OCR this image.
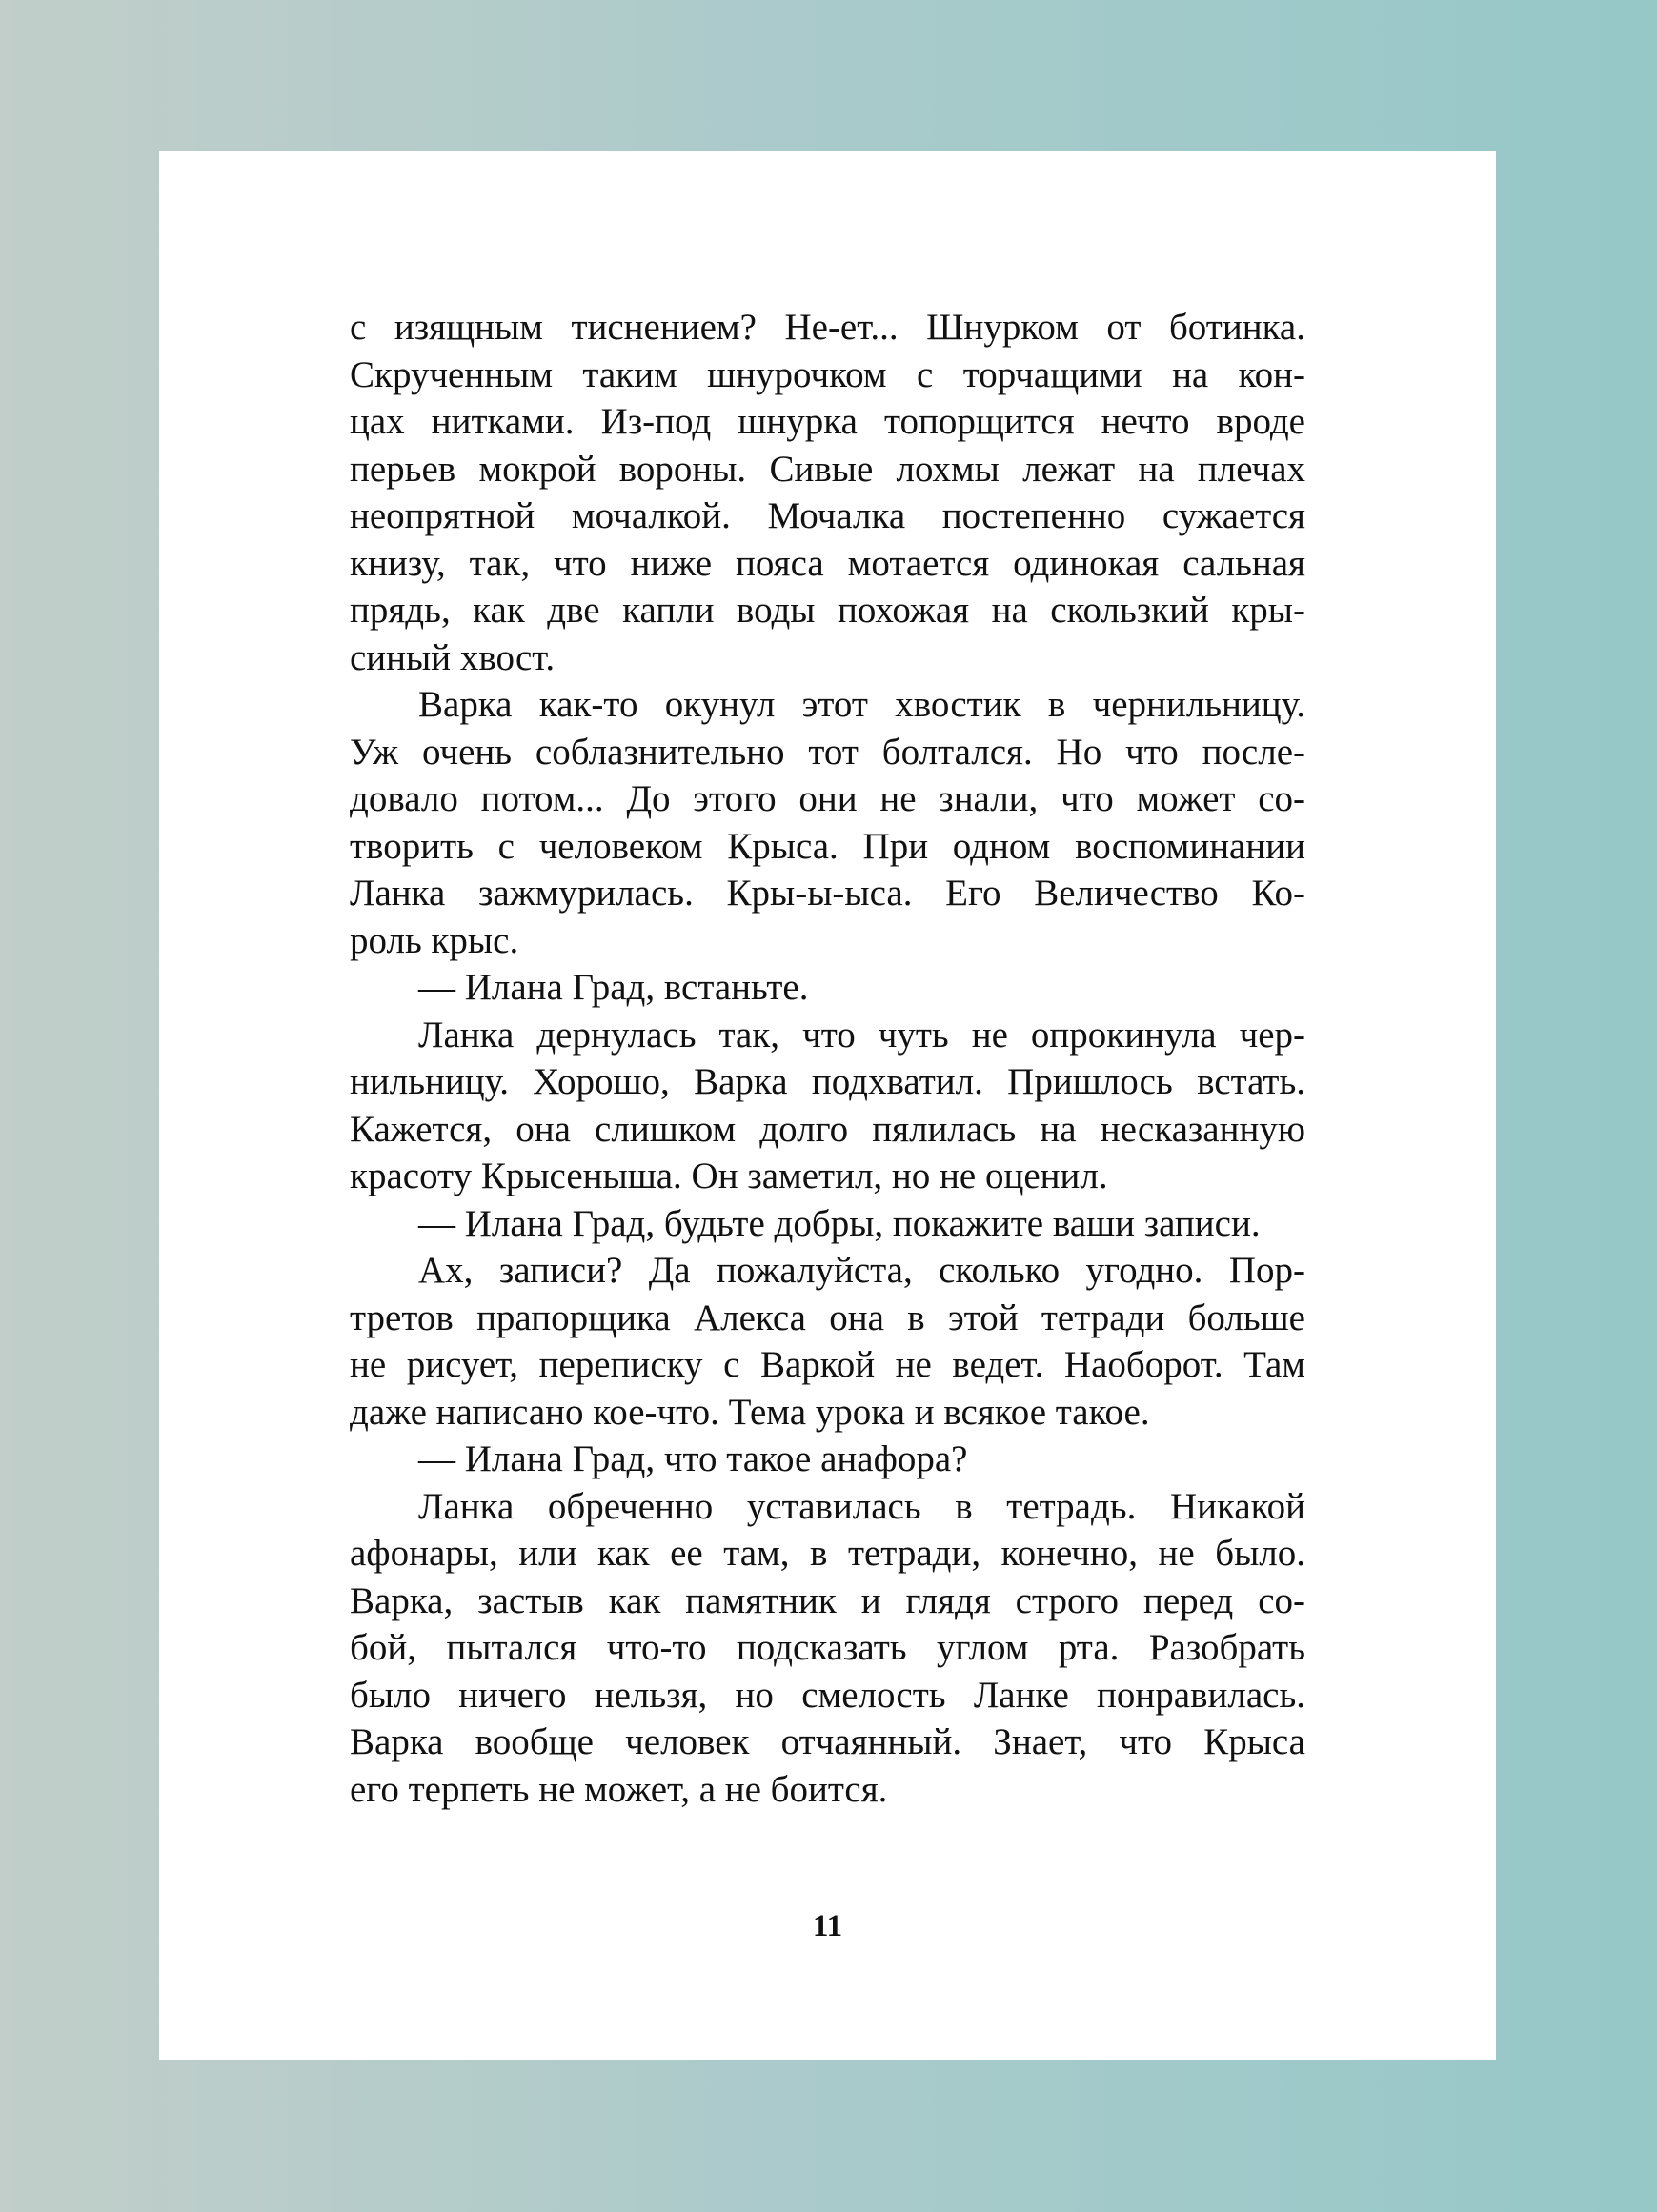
с изящным тиснением? Не-ет... Шнурком от ботинка.
Скрученным таким шнурочком с торчащими на кон-
цах нитками. Из-под шнурка топорщится нечто вроде
перьев мокрой вороны. Сивые лохмы лежат на плечах
неопрятной мочалкой. Мочалка постепенно сужается
книзу, так, что ниже пояса мотается одинокая сальная
прядь, как две капли воды похожая на скользкий кры-
синый хвост.
Варка как-то окунул этот хвостик в чернильницу.
Уж очень соблазнительно тот болтался. Но что после-
довало потом... До этого они не знали, что может со-
творить с человеком Крыса. При одном воспоминании
Ланка зажмурилась. Кры-ы-ыса. Его Величество Ко-
роль крыс.
— Илана Град, встаньте.
Ланка дернулась так, что чуть не опрокинула чер-
нильницу. Хорошо, Варка подхватил. Пришлось встать.
Кажется, она слишком долго пялилась на несказанную
красоту Крысеныша. Он заметил, но не оценил.
— Илана Град, будьте добры, покажите ваши записи.
Ах, записи? Да пожалуйста, сколько угодно. Пор-
третов прапорщика Алекса она в этой тетради больше
не рисует, переписку с Варкой не ведет. Наоборот. Там
даже написано кое-что. Тема урока и всякое такое.
— Илана Град, что такое анафора?
Ланка обреченно уставилась в тетрадь. Никакой
афонары, или как ее там, в тетради, конечно, не было.
Варка, застыв как памятник и глядя строго перед со-
бой, пытался что-то подсказать углом рта. Разобрать
было ничего нельзя, но смелость Ланке понравилась.
Варка вообще человек отчаянный. Знает, что Крыса
его терпеть не может, а не боится.
11
